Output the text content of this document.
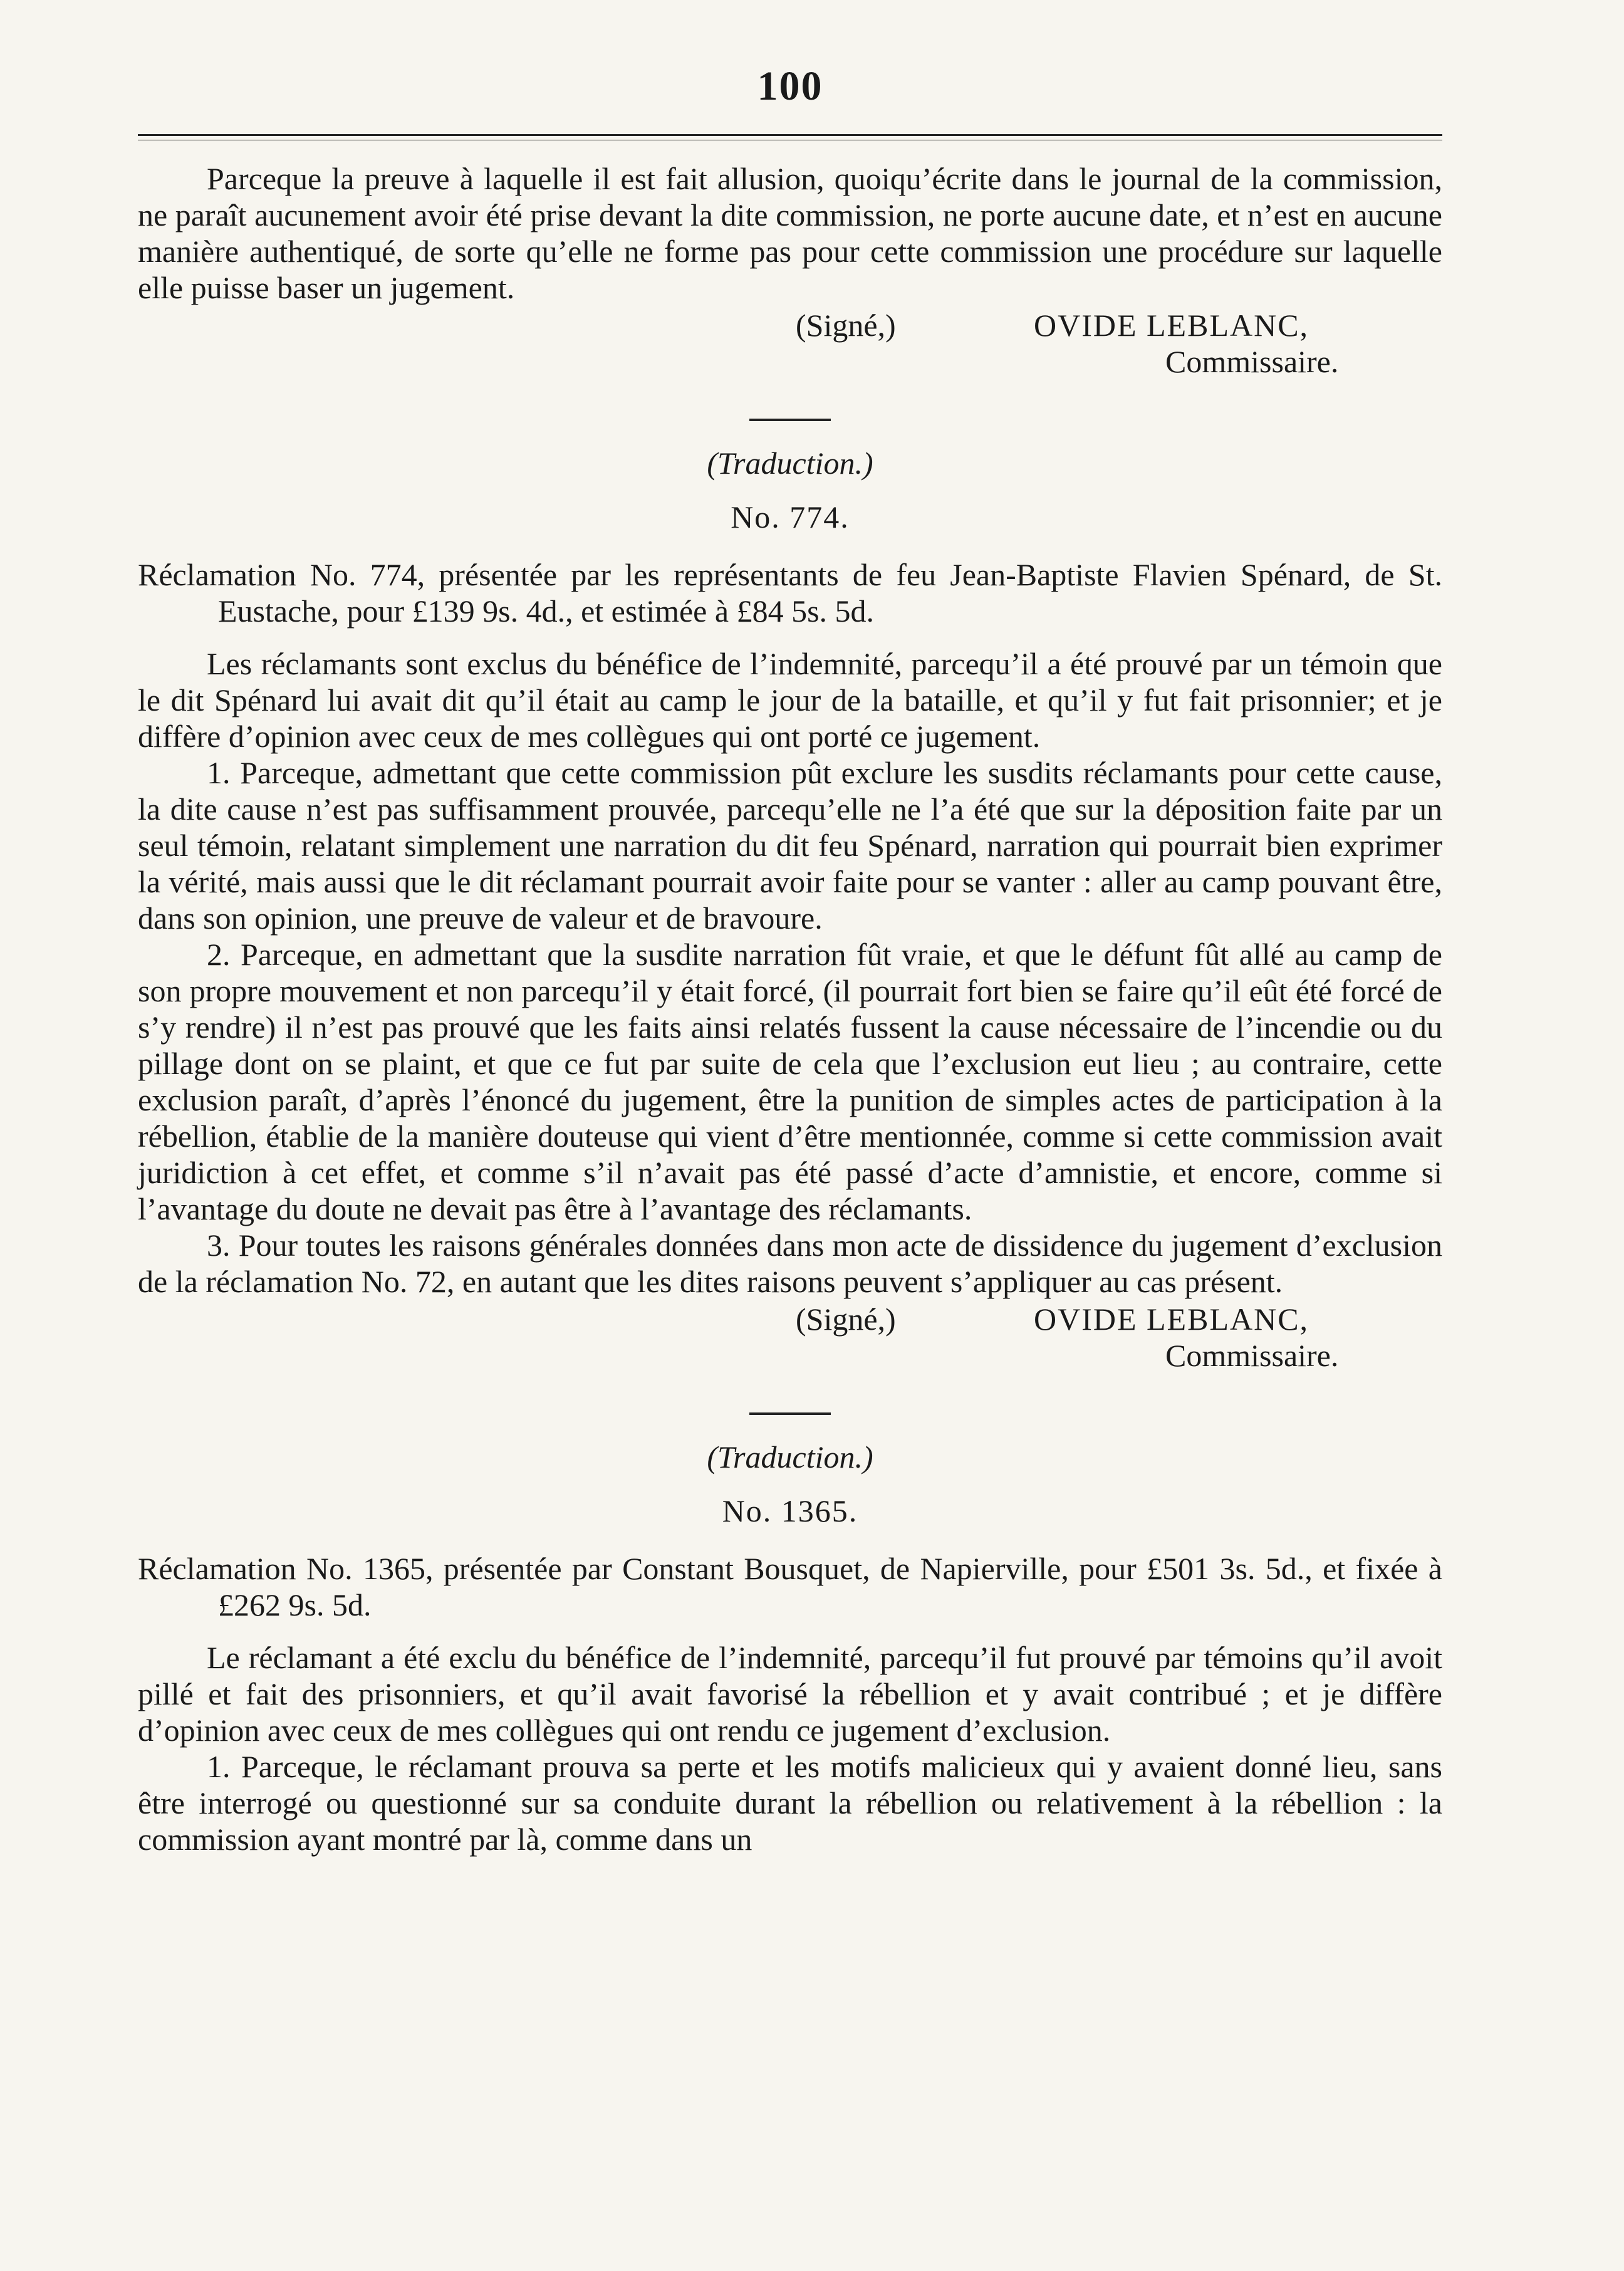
100

Parceque la preuve à laquelle il est fait allusion, quoiqu’écrite dans le journal de la commission, ne paraît aucunement avoir été prise devant la dite commission, ne porte aucune date, et n’est en aucune manière authentiqué, de sorte qu’elle ne forme pas pour cette commission une procédure sur laquelle elle puisse baser un jugement.

(Signé,)	OVIDE LEBLANC,
Commissaire.
(Traduction.)
No. 774.

Réclamation No. 774, présentée par les représentants de feu Jean-Baptiste Flavien Spénard, de St. Eustache, pour £139 9s. 4d., et estimée à £84 5s. 5d.

Les réclamants sont exclus du bénéfice de l’indemnité, parcequ’il a été prouvé par un témoin que le dit Spénard lui avait dit qu’il était au camp le jour de la bataille, et qu’il y fut fait prisonnier; et je diffère d’opinion avec ceux de mes collègues qui ont porté ce jugement.

1. Parceque, admettant que cette commission pût exclure les susdits réclamants pour cette cause, la dite cause n’est pas suffisamment prouvée, parcequ’elle ne l’a été que sur la déposition faite par un seul témoin, relatant simplement une narration du dit feu Spénard, narration qui pourrait bien exprimer la vérité, mais aussi que le dit réclamant pourrait avoir faite pour se vanter : aller au camp pouvant être, dans son opinion, une preuve de valeur et de bravoure.

2. Parceque, en admettant que la susdite narration fût vraie, et que le défunt fût allé au camp de son propre mouvement et non parcequ’il y était forcé, (il pourrait fort bien se faire qu’il eût été forcé de s’y rendre) il n’est pas prouvé que les faits ainsi relatés fussent la cause nécessaire de l’incendie ou du pillage dont on se plaint, et que ce fut par suite de cela que l’exclusion eut lieu ; au contraire, cette exclusion paraît, d’après l’énoncé du jugement, être la punition de simples actes de participation à la rébellion, établie de la manière douteuse qui vient d’être mentionnée, comme si cette commission avait juridiction à cet effet, et comme s’il n’avait pas été passé d’acte d’amnistie, et encore, comme si l’avantage du doute ne devait pas être à l’avantage des réclamants.

3. Pour toutes les raisons générales données dans mon acte de dissidence du jugement d’exclusion de la réclamation No. 72, en autant que les dites raisons peuvent s’appliquer au cas présent.

(Signé,)	OVIDE LEBLANC,
Commissaire.
(Traduction.)
No. 1365.

Réclamation No. 1365, présentée par Constant Bousquet, de Napierville, pour £501 3s. 5d., et fixée à £262 9s. 5d.

Le réclamant a été exclu du bénéfice de l’indemnité, parcequ’il fut prouvé par témoins qu’il avoit pillé et fait des prisonniers, et qu’il avait favorisé la rébellion et y avait contribué ; et je diffère d’opinion avec ceux de mes collègues qui ont rendu ce jugement d’exclusion.

1. Parceque, le réclamant prouva sa perte et les motifs malicieux qui y avaient donné lieu, sans être interrogé ou questionné sur sa conduite durant la rébellion ou relativement à la rébellion : la commission ayant montré par là, comme dans un
